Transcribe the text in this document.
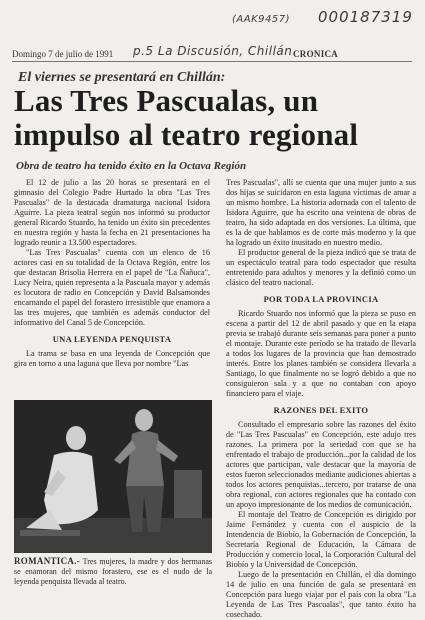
(AAK9457) 000187319
p.5 La Discusión, Chillán
Domingo 7 de julio de 1991	CRONICA
El viernes se presentará en Chillán:
Las Tres Pascualas, un impulso al teatro regional
Obra de teatro ha tenido éxito en la Octava Región

El 12 de julio a las 20 horas se presentará en el gimnasio del Colegio Padre Hurtado la obra "Las Tres Pascualas" de la destacada dramaturga nacional Isidora Aguirre. La pieza teatral según nos informó su productor general Ricardo Stuardo, ha tenido un éxito sin precedentes en nuestra región y hasta la fecha en 21 presentaciones ha logrado reunir a 13.500 espectadores.

"Las Tres Pascualas" cuenta con un elenco de 16 actores casi en su totalidad de la Octava Región, entre los que destacan Brisolia Herrera en el papel de "La Ñañuca", Lucy Neira, quien representa a la Pascuala mayor y además es locutora de radio en Concepción y David Balsamondes encarnando el papel del forastero irresistible que enamora a las tres mujeres, que también es además conductor del informativo del Canal 5 de Concepción.

UNA LEYENDA PENQUISTA

La trama se basa en una leyenda de Concepción que gira en torno a una laguna que lleva por nombre "Las

ROMANTICA.- Tres mujeres, la madre y dos hermanas se enamoran del mismo forastero, ese es el nudo de la leyenda penquista llevada al teatro.

Tres Pascualas", allí se cuenta que una mujer junto a sus dos hijas se suicidaron en esta laguna víctimas de amar a un mismo hombre. La historia adornada con el talento de Isidora Aguirre, que ha escrito una veintena de obras de teatro, ha sido adaptada en dos versiones. La última, que es la de que hablamos es de corte más moderno y la que ha logrado un éxito inusitado en nuestro medio.

El productor general de la pieza indicó que se trata de un espectáculo teatral para todo espectador que resulta entretenido para adultos y menores y la definió como un clásico del teatro nacional.

POR TODA LA PROVINCIA

Ricardo Stuardo nos informó que la pieza se puso en escena a partir del 12 de abril pasado y que en la etapa previa se trabajó durante seis semanas para poner a punto el montaje. Durante este período se ha tratado de llevarla a todos los lugares de la provincia que han demostrado interés. Entre los planes también se considera llevarla a Santiago, lo que finalmente no se logró debido a que no consiguieron sala y a que no contaban con apoyo financiero para el viaje.

RAZONES DEL EXITO

Consultado el empresario sobre las razones del éxito de "Las Tres Pascualas" en Concepción, este adujo tres razones. La primera por la seriedad con que se ha enfrentado el trabajo de producción...por la calidad de los actores que participan, vale destacar que la mayoría de estos fueron seleccionados mediante audiciones abiertas a todos los actores penquistas...tercero, por tratarse de una obra regional, con actores regionales que ha contado con un apoyo impresionante de los medios de comunicación.

El montaje del Teatro de Concepción es dirigido por Jaime Fernández y cuenta con el auspicio de la Intendencia de Biobío, la Gobernación de Concepción, la Secretaría Regional de Educación, la Cámara de Producción y comercio local, la Corporación Cultural del Biobío y la Universidad de Concepción.

Luego de la presentación en Chillán, el día domingo 14 de julio en una función de gala se presentará en Concepción para luego viajar por el país con la obra "La Leyenda de Las Tres Pascualas", que tanto éxito ha cosechado.
